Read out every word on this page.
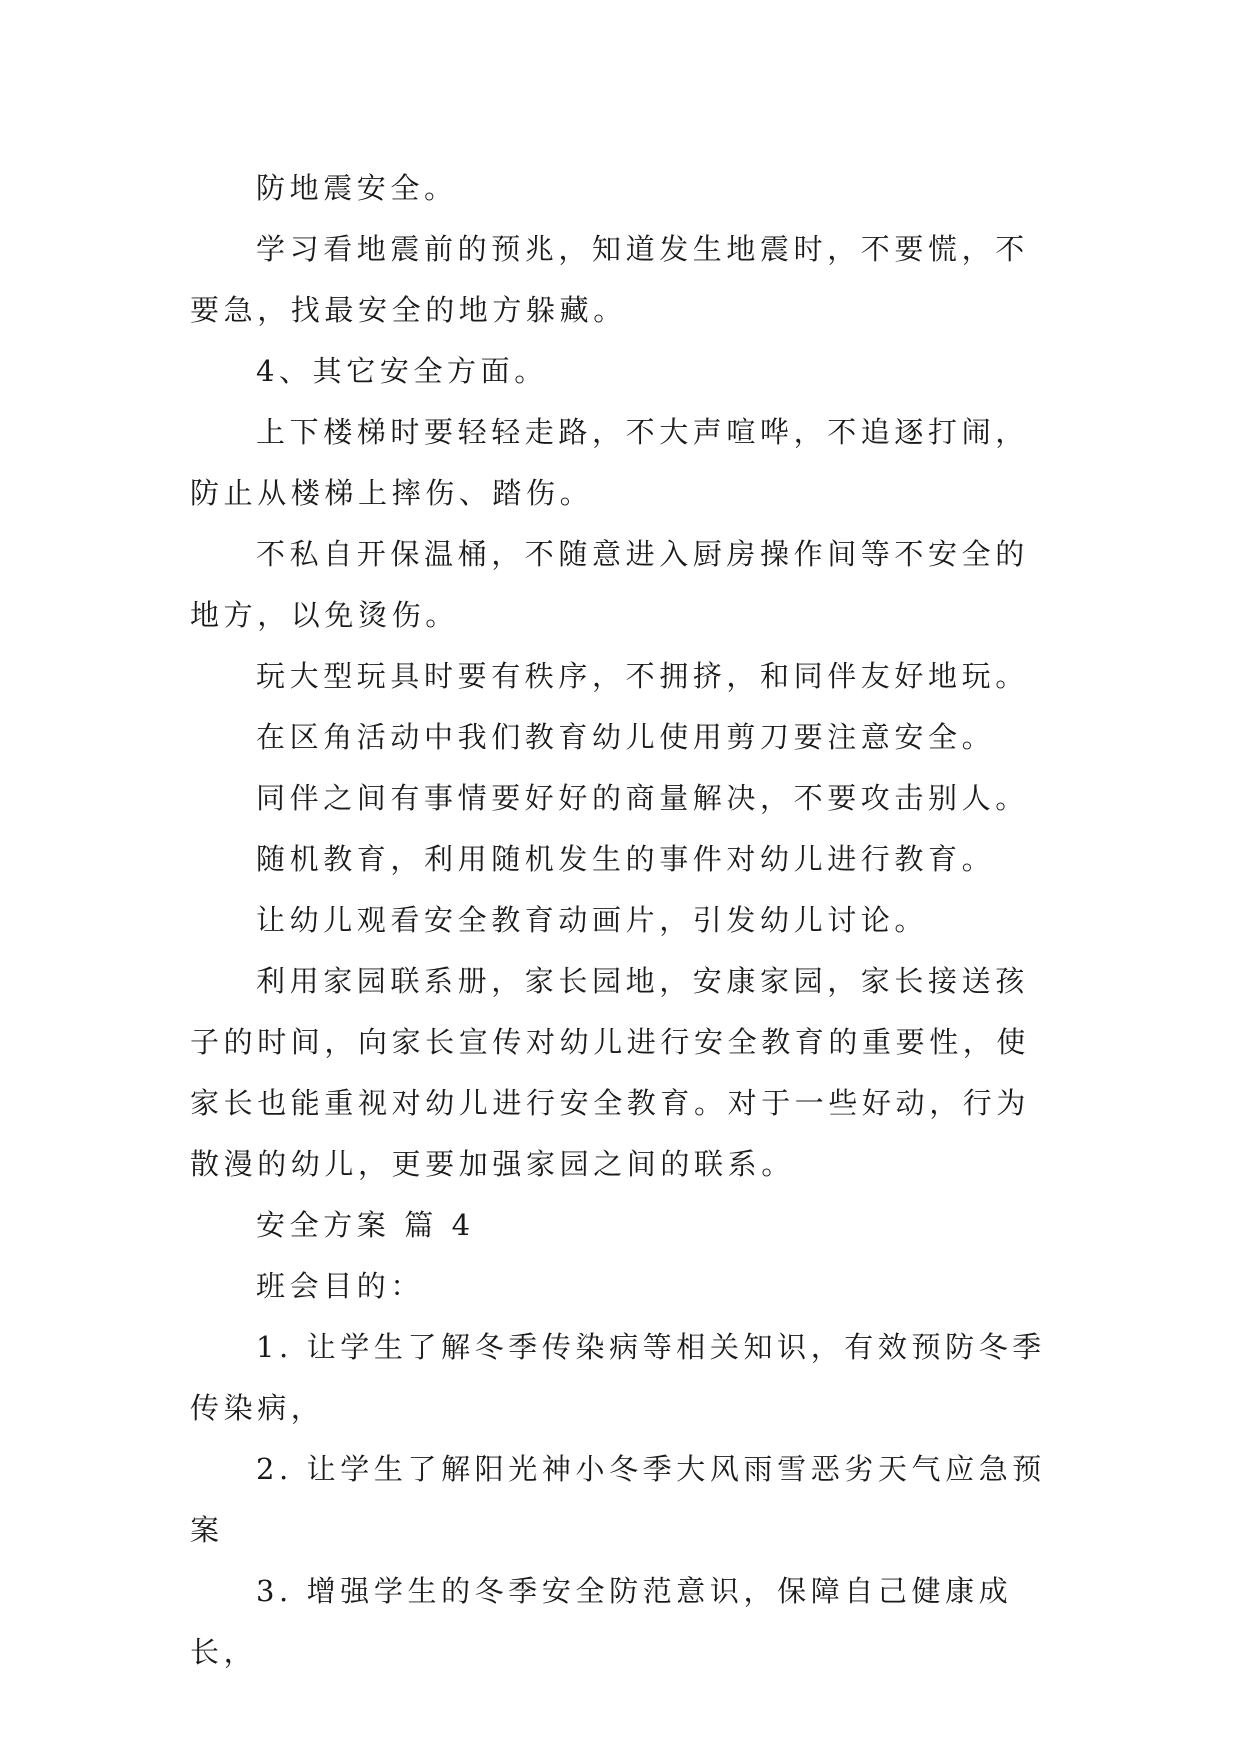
防地震安全。

学习看地震前的预兆，知道发生地震时，不要慌，不要急，找最安全的地方躲藏。

4、其它安全方面。

上下楼梯时要轻轻走路，不大声喧哗，不追逐打闹，防止从楼梯上摔伤、踏伤。

不私自开保温桶，不随意进入厨房操作间等不安全的地方，以免烫伤。

玩大型玩具时要有秩序，不拥挤，和同伴友好地玩。

在区角活动中我们教育幼儿使用剪刀要注意安全。

同伴之间有事情要好好的商量解决，不要攻击别人。

随机教育，利用随机发生的事件对幼儿进行教育。

让幼儿观看安全教育动画片，引发幼儿讨论。

利用家园联系册，家长园地，安康家园，家长接送孩子的时间，向家长宣传对幼儿进行安全教育的重要性，使家长也能重视对幼儿进行安全教育。对于一些好动，行为散漫的幼儿，更要加强家园之间的联系。

安全方案 篇 4

班会目的：

1. 让学生了解冬季传染病等相关知识，有效预防冬季传染病，

2. 让学生了解阳光神小冬季大风雨雪恶劣天气应急预案

3. 增强学生的冬季安全防范意识，保障自己健康成长，
